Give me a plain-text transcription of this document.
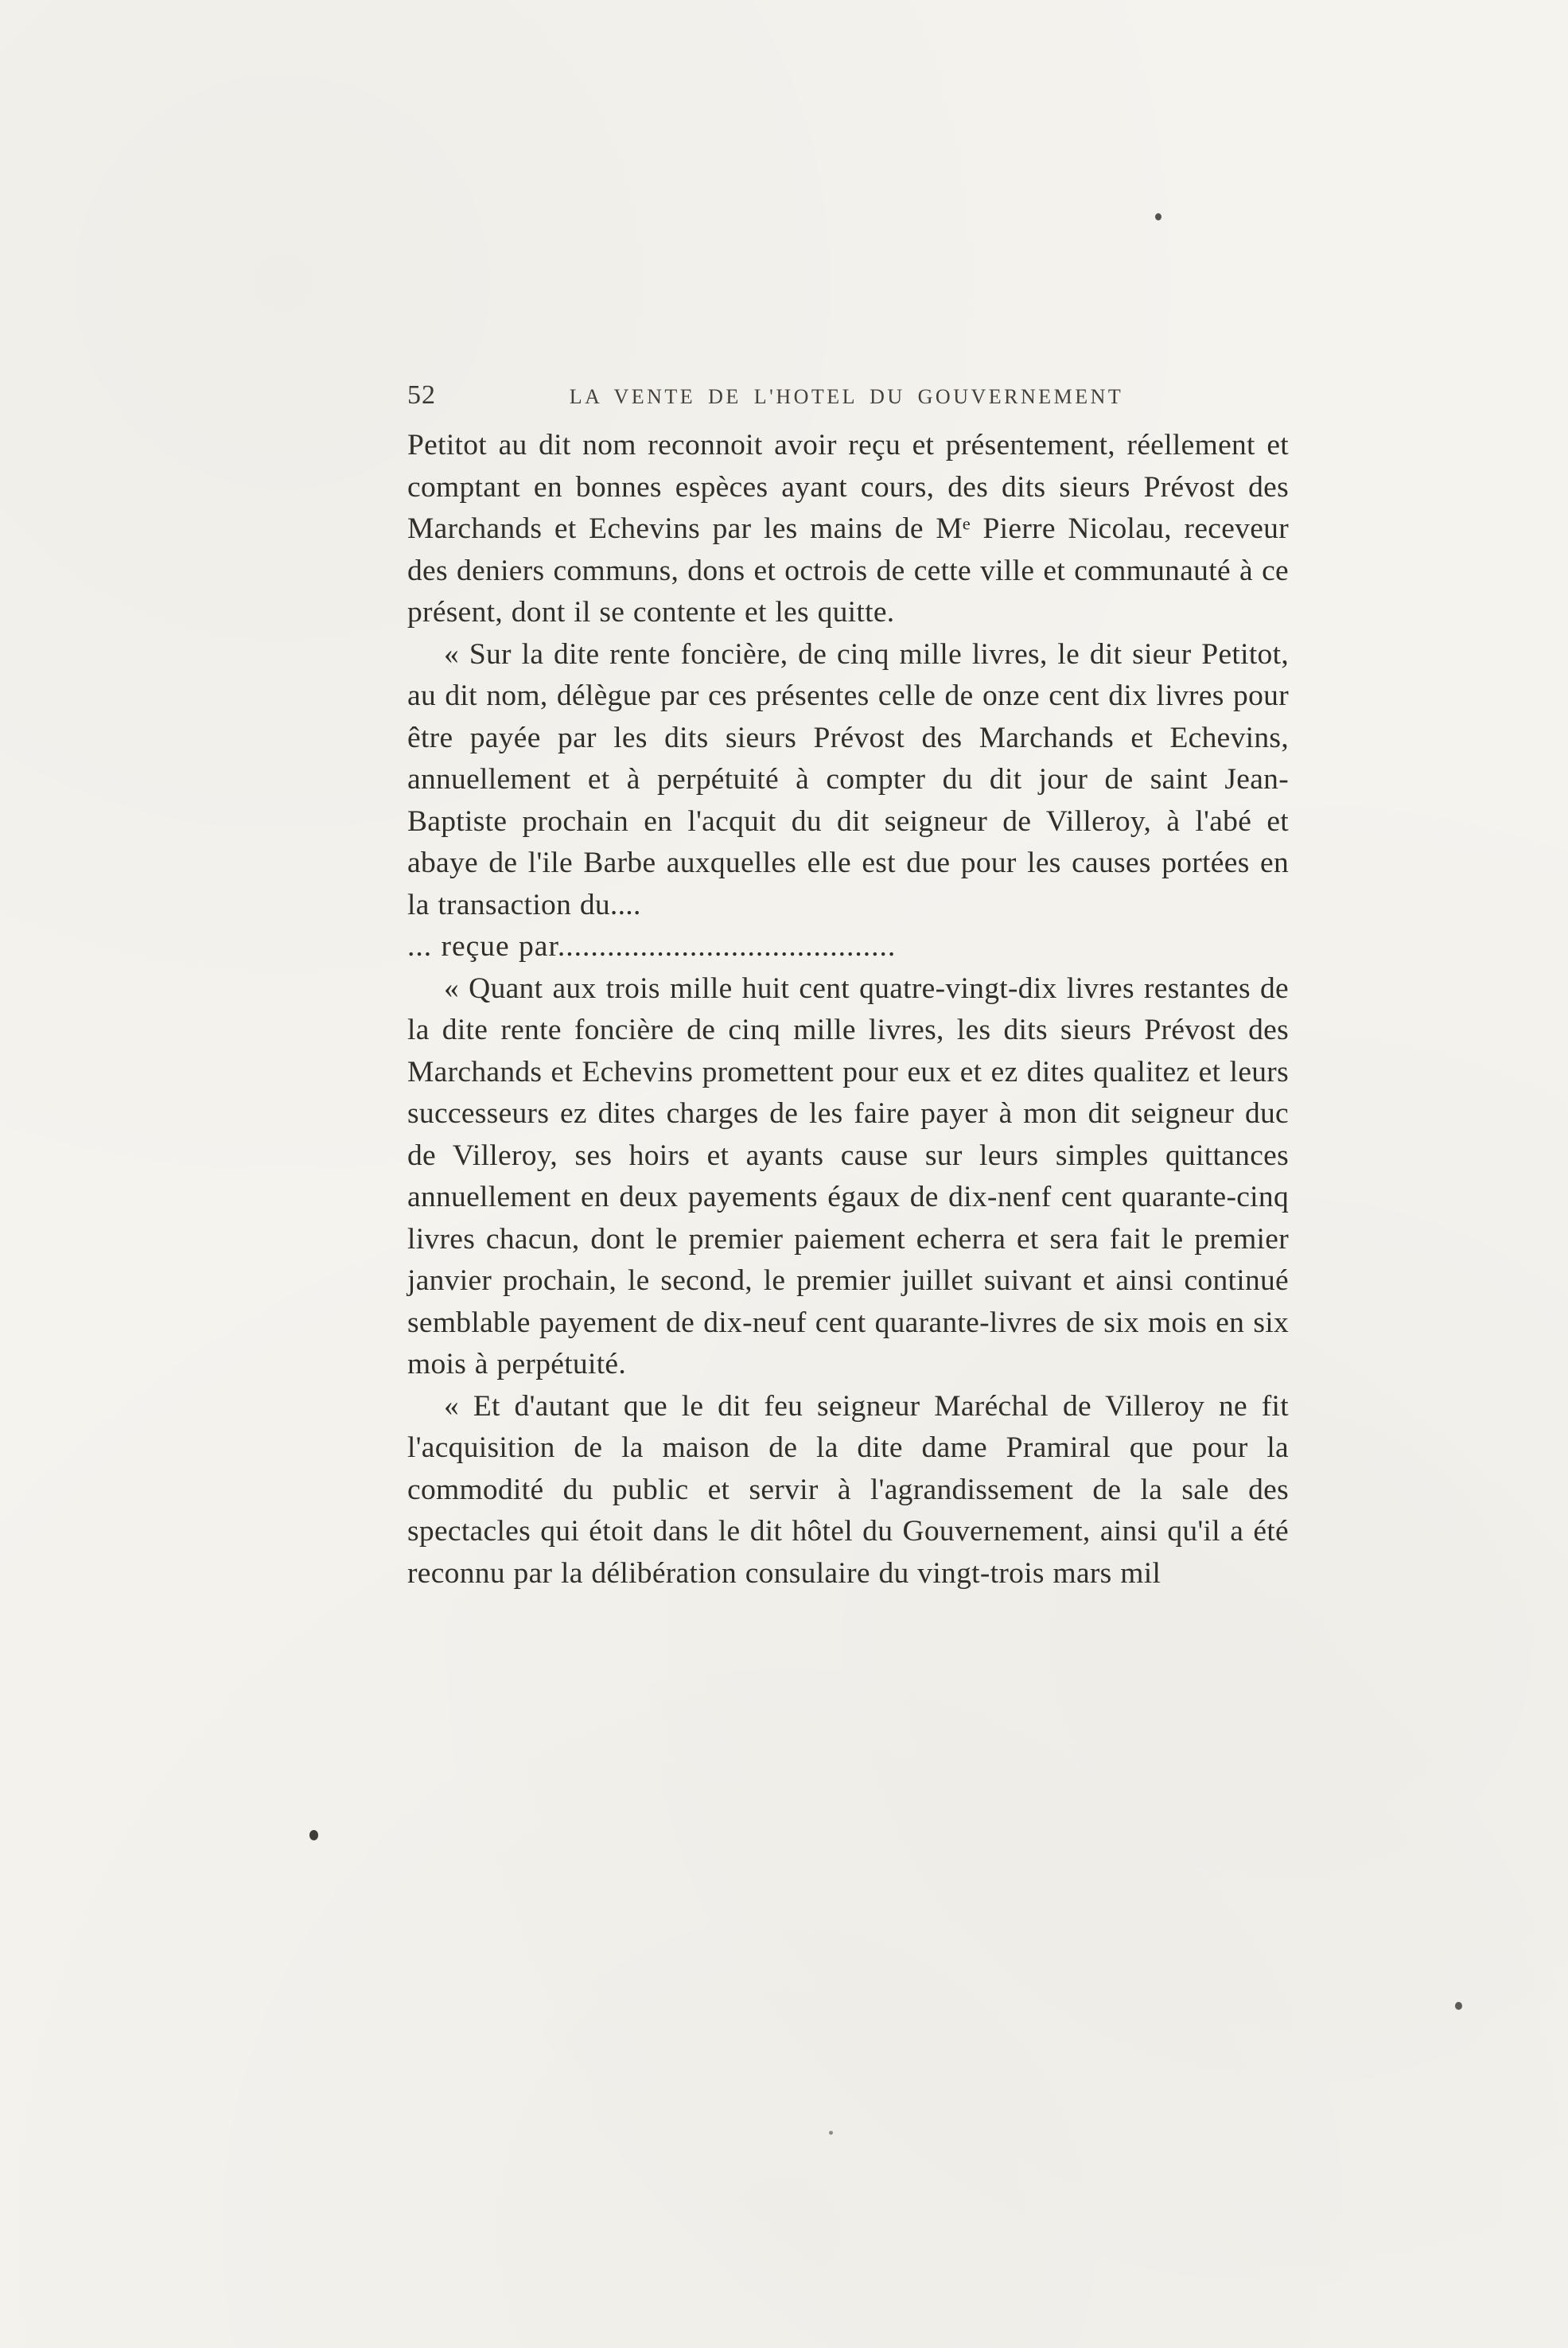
52	LA VENTE DE L'HOTEL DU GOUVERNEMENT

Petitot au dit nom reconnoit avoir reçu et présentement, réellement et comptant en bonnes espèces ayant cours, des dits sieurs Prévost des Marchands et Echevins par les mains de Mᵉ Pierre Nicolau, receveur des deniers communs, dons et octrois de cette ville et communauté à ce présent, dont il se contente et les quitte.

« Sur la dite rente foncière, de cinq mille livres, le dit sieur Petitot, au dit nom, délègue par ces présentes celle de onze cent dix livres pour être payée par les dits sieurs Prévost des Marchands et Echevins, annuellement et à perpétuité à compter du dit jour de saint Jean-Baptiste prochain en l'acquit du dit seigneur de Villeroy, à l'abé et abaye de l'ile Barbe auxquelles elle est due pour les causes portées en la transaction du....

... reçue par.........................................

« Quant aux trois mille huit cent quatre-vingt-dix livres restantes de la dite rente foncière de cinq mille livres, les dits sieurs Prévost des Marchands et Echevins promettent pour eux et ez dites qualitez et leurs successeurs ez dites charges de les faire payer à mon dit seigneur duc de Villeroy, ses hoirs et ayants cause sur leurs simples quittances annuellement en deux payements égaux de dix-nenf cent quarante-cinq livres chacun, dont le premier paiement echerra et sera fait le premier janvier prochain, le second, le premier juillet suivant et ainsi continué semblable payement de dix-neuf cent quarante-livres de six mois en six mois à perpétuité.

« Et d'autant que le dit feu seigneur Maréchal de Villeroy ne fit l'acquisition de la maison de la dite dame Pramiral que pour la commodité du public et servir à l'agrandissement de la sale des spectacles qui étoit dans le dit hôtel du Gouvernement, ainsi qu'il a été reconnu par la délibération consulaire du vingt-trois mars mil
